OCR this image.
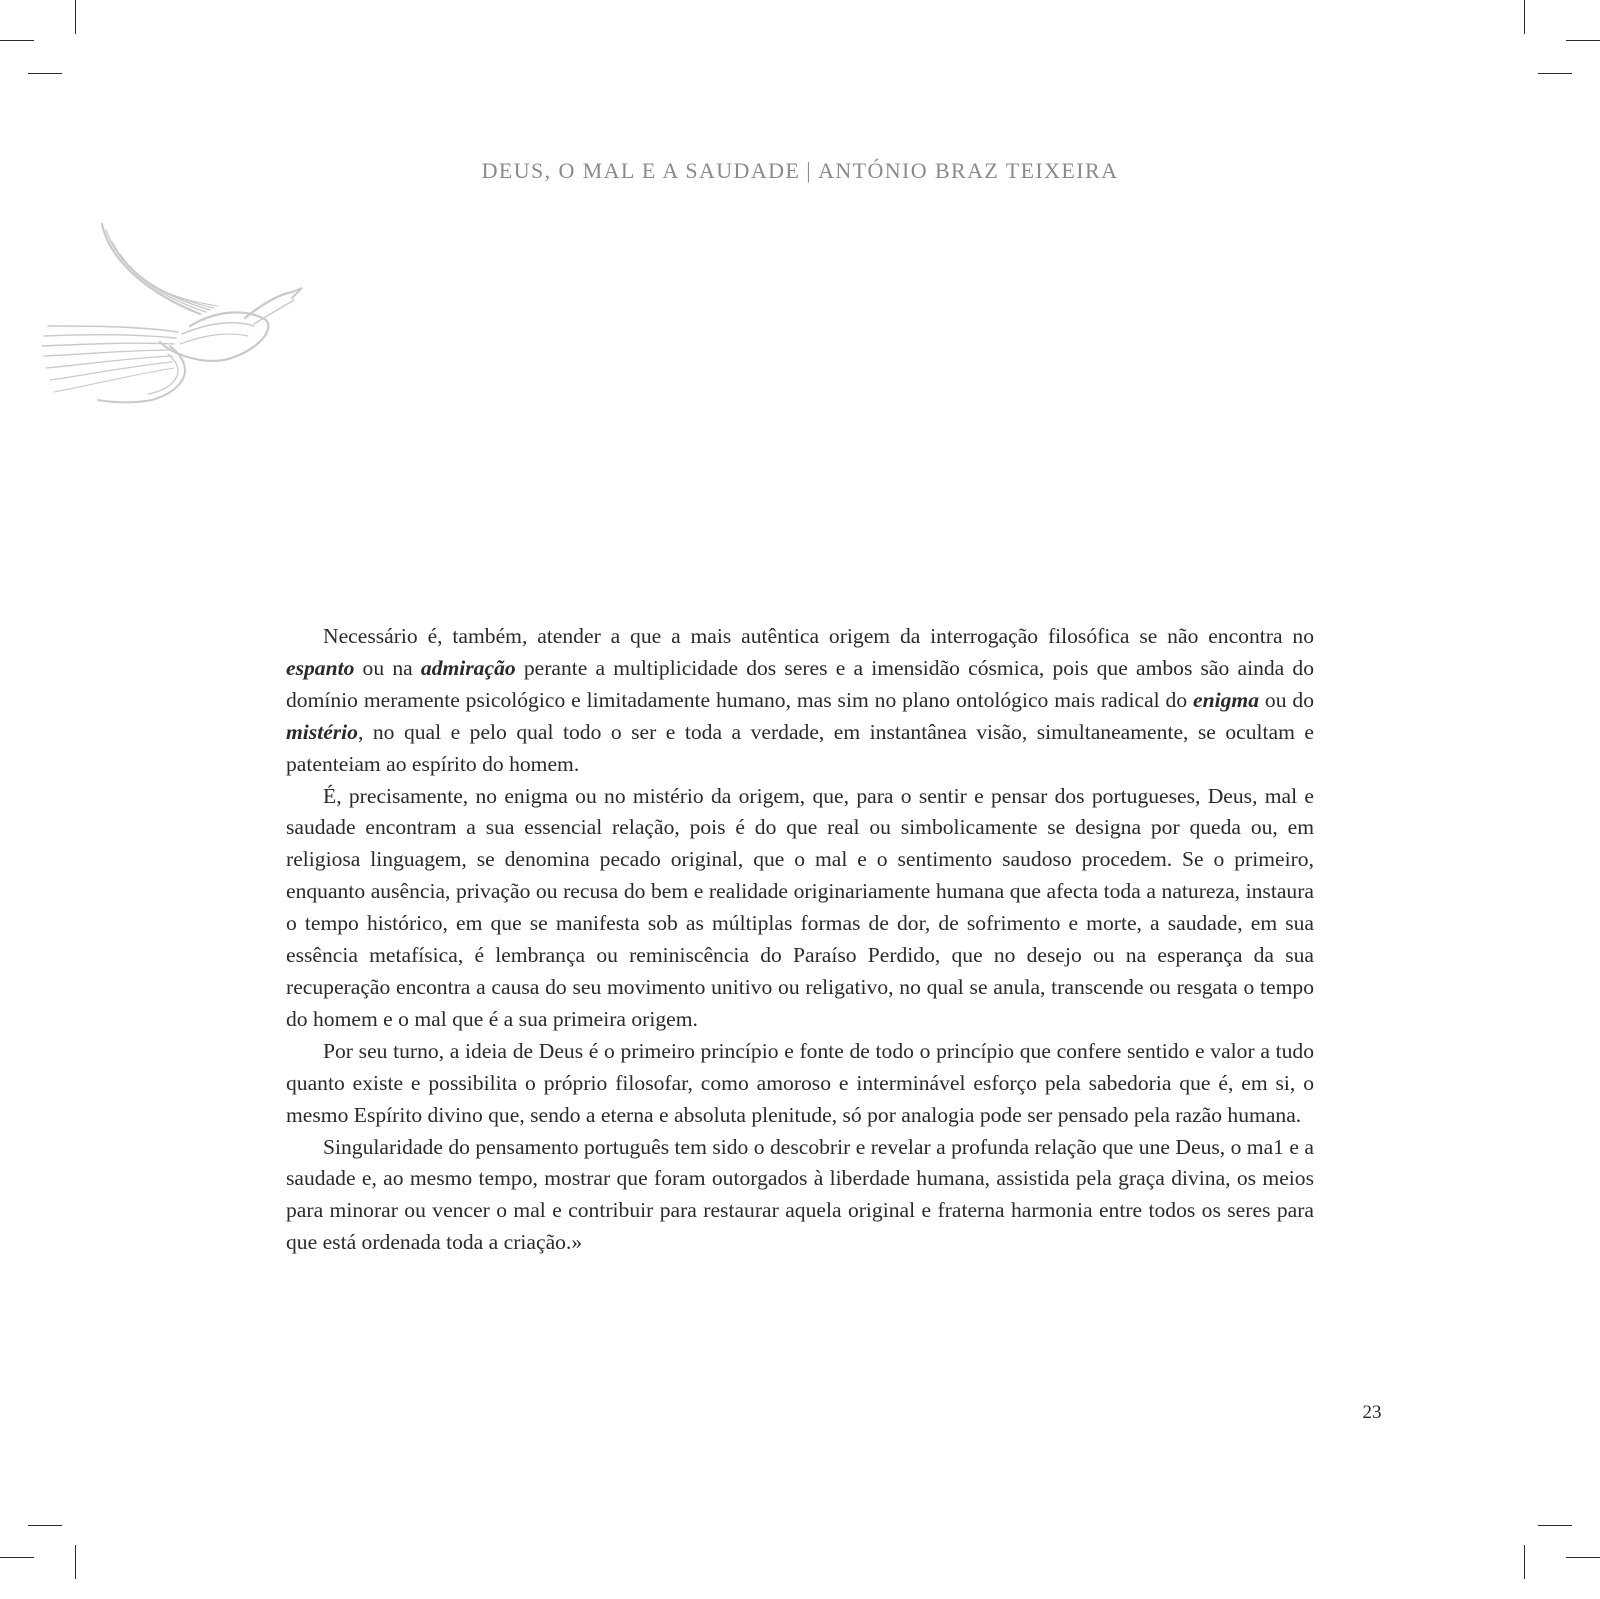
DEUS, O MAL E A SAUDADE | ANTÓNIO BRAZ TEIXEIRA

Necessário é, também, atender a que a mais autêntica origem da interrogação filosófica se não encontra no espanto ou na admiração perante a multiplicidade dos seres e a imensidão cósmica, pois que ambos são ainda do domínio meramente psicológico e limitadamente humano, mas sim no plano ontológico mais radical do enigma ou do mistério, no qual e pelo qual todo o ser e toda a verdade, em instantânea visão, simultaneamente, se ocultam e patenteiam ao espírito do homem.

É, precisamente, no enigma ou no mistério da origem, que, para o sentir e pensar dos portugueses, Deus, mal e saudade encontram a sua essencial relação, pois é do que real ou simbolicamente se designa por queda ou, em religiosa linguagem, se denomina pecado original, que o mal e o sentimento saudoso procedem. Se o primeiro, enquanto ausência, privação ou recusa do bem e realidade originariamente humana que afecta toda a natureza, instaura o tempo histórico, em que se manifesta sob as múltiplas formas de dor, de sofrimento e morte, a saudade, em sua essência metafísica, é lembrança ou reminiscência do Paraíso Perdido, que no desejo ou na esperança da sua recuperação encontra a causa do seu movimento unitivo ou religativo, no qual se anula, transcende ou resgata o tempo do homem e o mal que é a sua primeira origem.

Por seu turno, a ideia de Deus é o primeiro princípio e fonte de todo o princípio que confere sentido e valor a tudo quanto existe e possibilita o próprio filosofar, como amoroso e interminável esforço pela sabedoria que é, em si, o mesmo Espírito divino que, sendo a eterna e absoluta plenitude, só por analogia pode ser pensado pela razão humana.

Singularidade do pensamento português tem sido o descobrir e revelar a profunda relação que une Deus, o ma1 e a saudade e, ao mesmo tempo, mostrar que foram outorgados à liberdade humana, assistida pela graça divina, os meios para minorar ou vencer o mal e contribuir para restaurar aquela original e fraterna harmonia entre todos os seres para que está ordenada toda a criação.»

23
